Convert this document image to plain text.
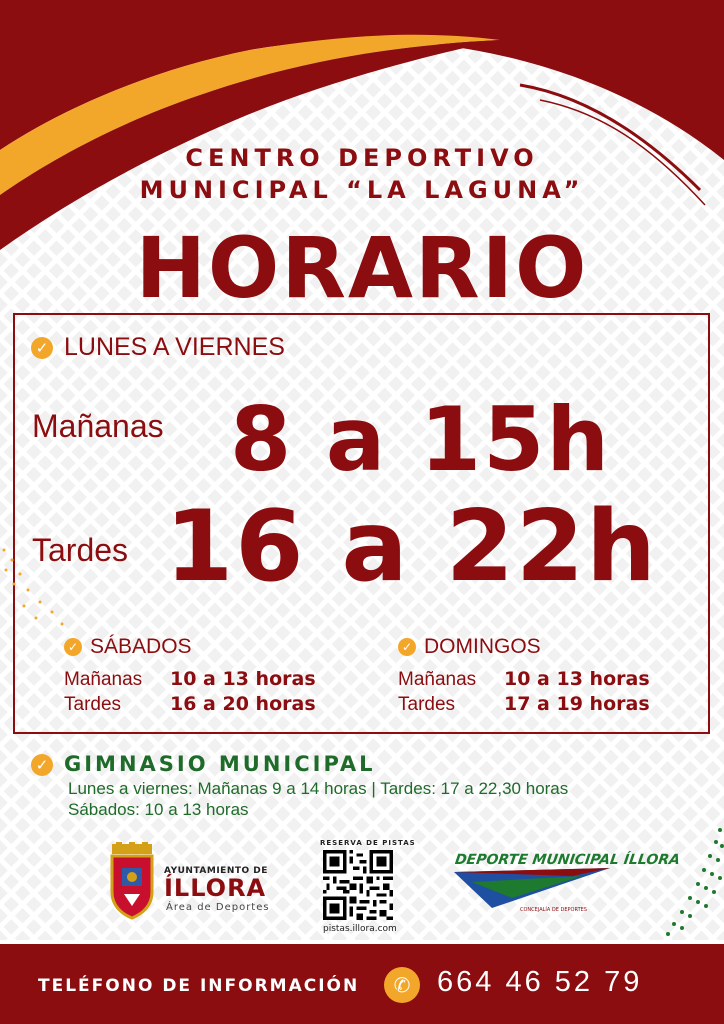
CENTRO DEPORTIVO
MUNICIPAL “LA LAGUNA”
HORARIO
✓ LUNES A VIERNES
Mañanas 8 a 15h
Tardes 16 a 22h
✓ SÁBADOS
Mañanas 10 a 13 horas
Tardes	16 a 20 horas
✓ DOMINGOS
Mañanas 10 a 13 horas
Tardes	17 a 19 horas
✓ GIMNASIO MUNICIPAL
Lunes a viernes: Mañanas 9 a 14 horas | Tardes: 17 a 22,30 horas
Sábados: 10 a 13 horas
AYUNTAMIENTO DE
ÍLLORA
Área de Deportes
RESERVA DE PISTAS
pistas.illora.com
DEPORTE MUNICIPAL ÍLLORA
CONCEJALÍA DE DEPORTES
TELÉFONO DE INFORMACIÓN	✆ 664 46 52 79
